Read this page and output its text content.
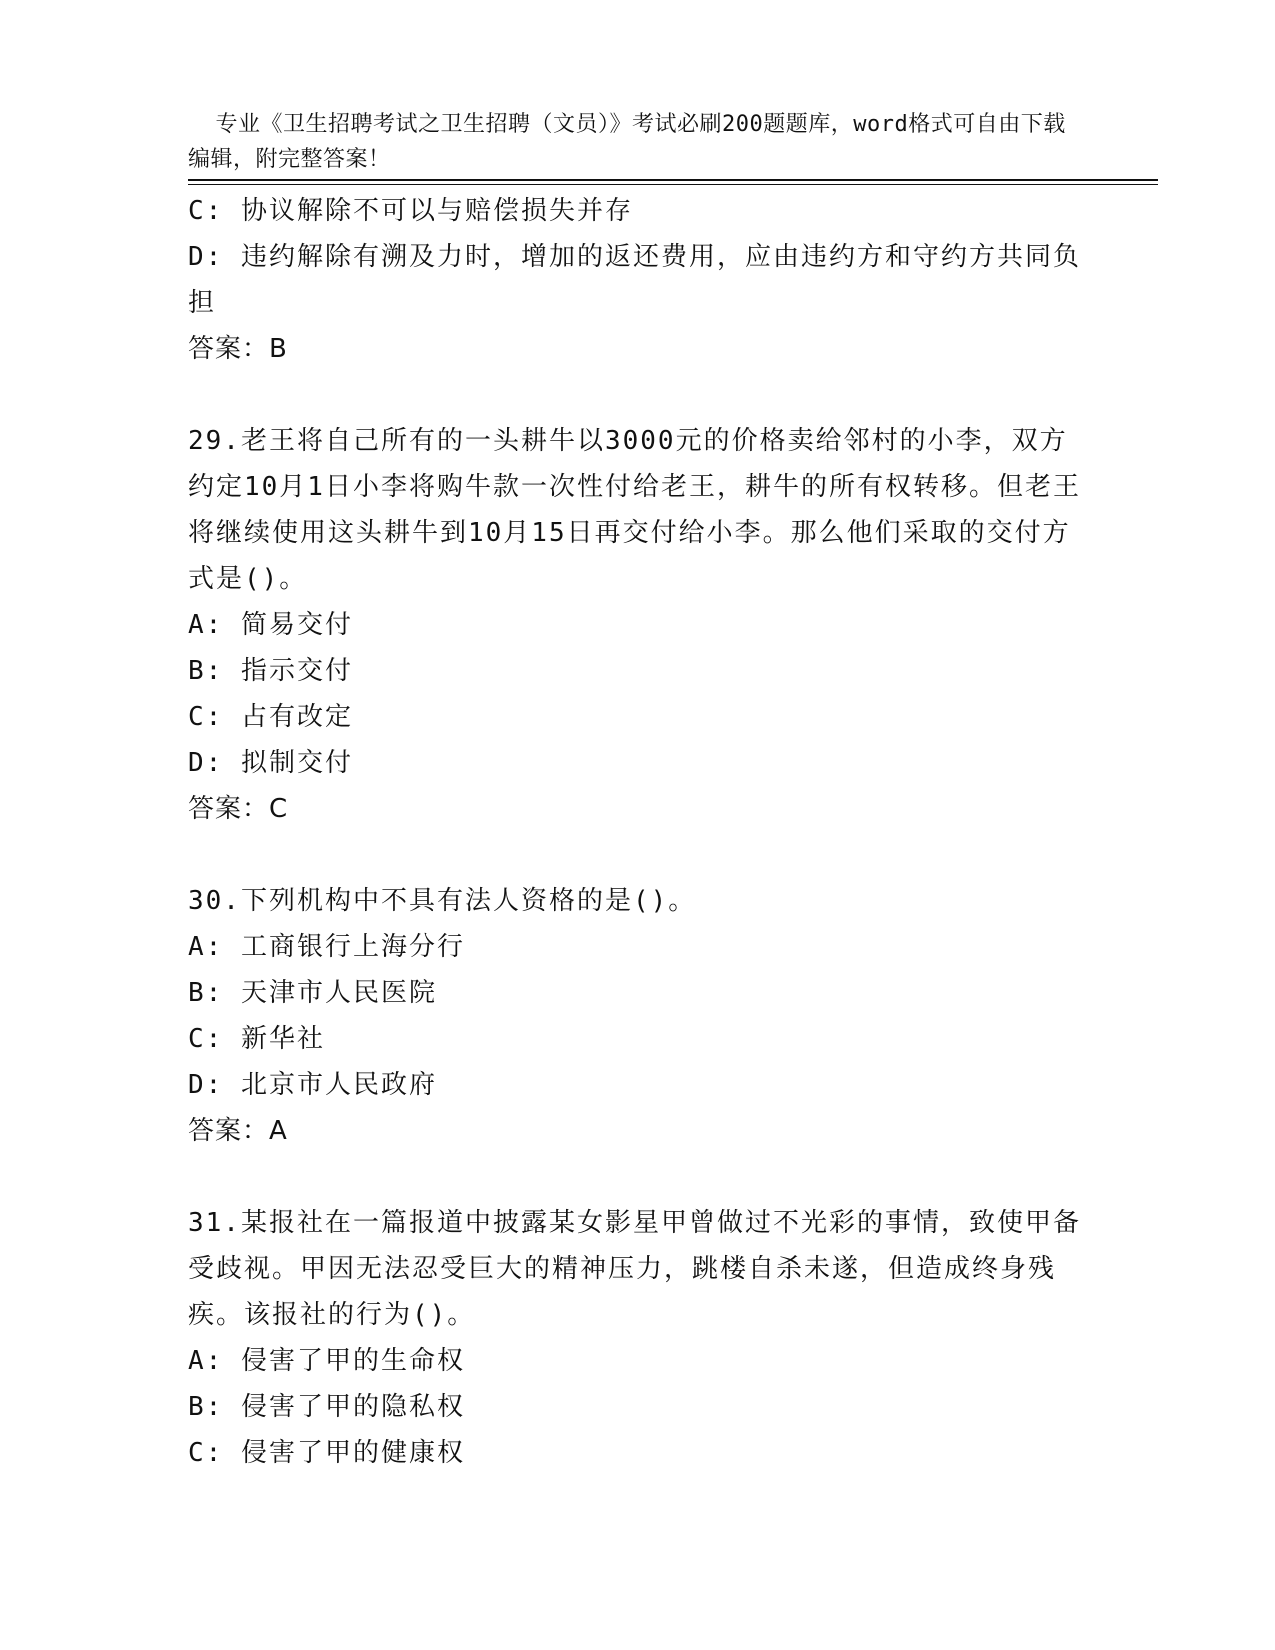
专业《卫生招聘考试之卫生招聘（文员）》考试必刷200题题库，word格式可自由下载编辑，附完整答案！

C: 协议解除不可以与赔偿损失并存

D: 违约解除有溯及力时，增加的返还费用，应由违约方和守约方共同负担

答案：B

29.老王将自己所有的一头耕牛以3000元的价格卖给邻村的小李，双方约定10月1日小李将购牛款一次性付给老王，耕牛的所有权转移。但老王将继续使用这头耕牛到10月15日再交付给小李。那么他们采取的交付方式是()。

A: 简易交付

B: 指示交付

C: 占有改定

D: 拟制交付

答案：C

30.下列机构中不具有法人资格的是()。

A: 工商银行上海分行

B: 天津市人民医院

C: 新华社

D: 北京市人民政府

答案：A

31.某报社在一篇报道中披露某女影星甲曾做过不光彩的事情，致使甲备受歧视。甲因无法忍受巨大的精神压力，跳楼自杀未遂，但造成终身残疾。该报社的行为()。

A: 侵害了甲的生命权

B: 侵害了甲的隐私权

C: 侵害了甲的健康权
